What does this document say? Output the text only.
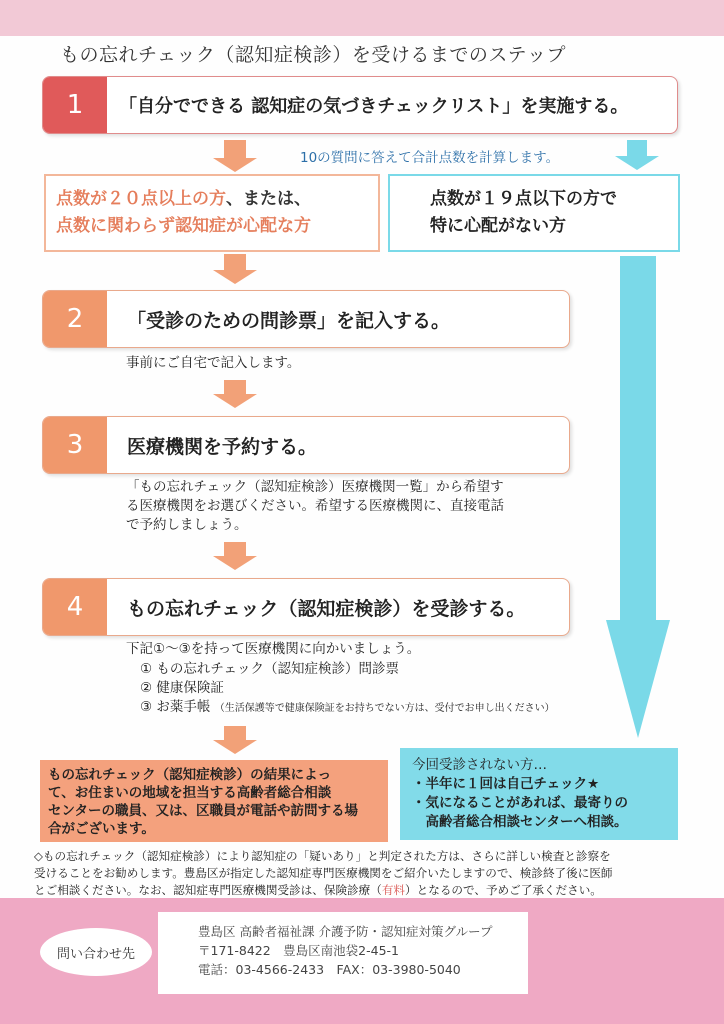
もの忘れチェック（認知症検診）を受けるまでのステップ
1	「自分でできる 認知症の気づきチェックリスト」を実施する。
10の質問に答えて合計点数を計算します。
点数が２０点以上の方、または、
点数に関わらず認知症が心配な方
点数が１９点以下の方で
特に心配がない方
2	「受診のための問診票」を記入する。
事前にご自宅で記入します。
3	医療機関を予約する。
「もの忘れチェック（認知症検診）医療機関一覧」から希望す
る医療機関をお選びください。希望する医療機関に、直接電話
で予約しましょう。
4	もの忘れチェック（認知症検診）を受診する。
下記①～③を持って医療機関に向かいましょう。
① もの忘れチェック（認知症検診）問診票
② 健康保険証
③ お薬手帳 （生活保護等で健康保険証をお持ちでない方は、受付でお申し出ください）
もの忘れチェック（認知症検診）の結果によっ
て、お住まいの地域を担当する高齢者総合相談
センターの職員、又は、区職員が電話や訪問する場
合がございます。
今回受診されない方…
・半年に１回は自己チェック★
・気になることがあれば、最寄りの
　高齢者総合相談センターへ相談。
◇もの忘れチェック（認知症検診）により認知症の「疑いあり」と判定された方は、さらに詳しい検査と診察を
受けることをお勧めします。豊島区が指定した認知症専門医療機関をご紹介いたしますので、検診終了後に医師
とご相談ください。なお、認知症専門医療機関受診は、保険診療（有料）となるので、予めご了承ください。
問い合わせ先
豊島区 高齢者福祉課 介護予防・認知症対策グループ
〒171-8422　豊島区南池袋2-45-1
電話：03-4566-2433　FAX：03-3980-5040
